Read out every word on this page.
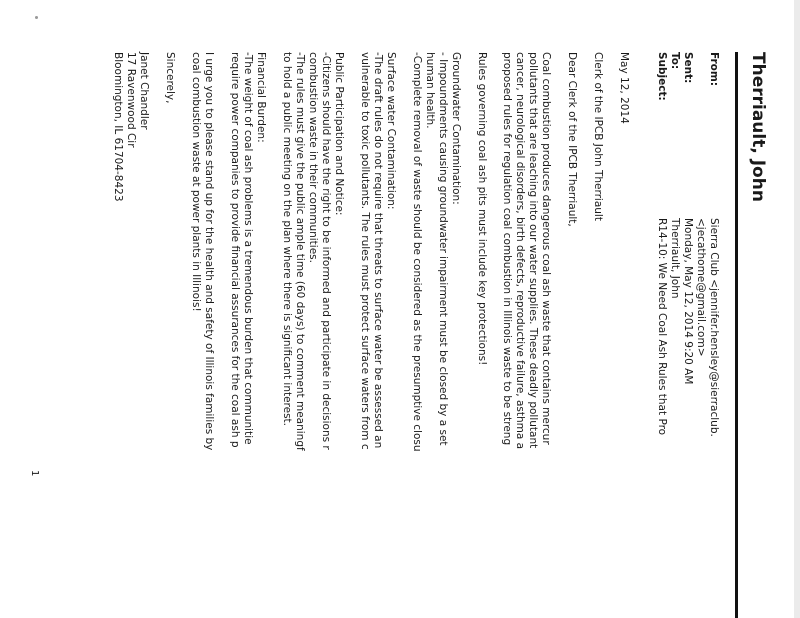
Therriault, John
From:
Sierra Club <jennifer.hensley@sierraclub.
<jecathome@gmail.com>
Sent:
Monday, May 12, 2014 9:20 AM
To:
Therriault, John
Subject:
R14-10: We Need Coal Ash Rules that Pro
May 12, 2014
Clerk of the IPCB John Therriault
Dear Clerk of the IPCB Therriault,
Coal combustion produces dangerous coal ash waste that contains mercur
pollutants that are leaching into our water supplies. These deadly pollutant
cancer, neurological disorders, birth defects, reproductive failure, asthma a
proposed rules for regulation coal combustion in Illinois waste to be streng
Rules governing coal ash pits must include key protections!
Groundwater Contamination:
- Impoundments causing groundwater impairment must be closed by a set
human health.
-Complete removal of waste should be considered as the presumptive closu
Surface water Contamination:
-The draft rules do not require that threats to surface water be assessed an
vulnerable to toxic pollutants. The rules must protect surface waters from c
Public Participation and Notice:
-Citizens should have the right to be informed and participate in decisions r
combustion waste in their communities.
-The rules must give the public ample time (60 days) to comment meaningf
to hold a public meeting on the plan where there is significant interest.
Financial Burden:
-The weight of coal ash problems is a tremendous burden that communitie
require power companies to provide financial assurances for the coal ash p
I urge you to please stand up for the health and safety of Illinois families by
coal combustion waste at power plants in Illinois!
Sincerely,
Janet Chandler
17 Ravenwood Cir
Bloomington, IL 61704-8423
1
